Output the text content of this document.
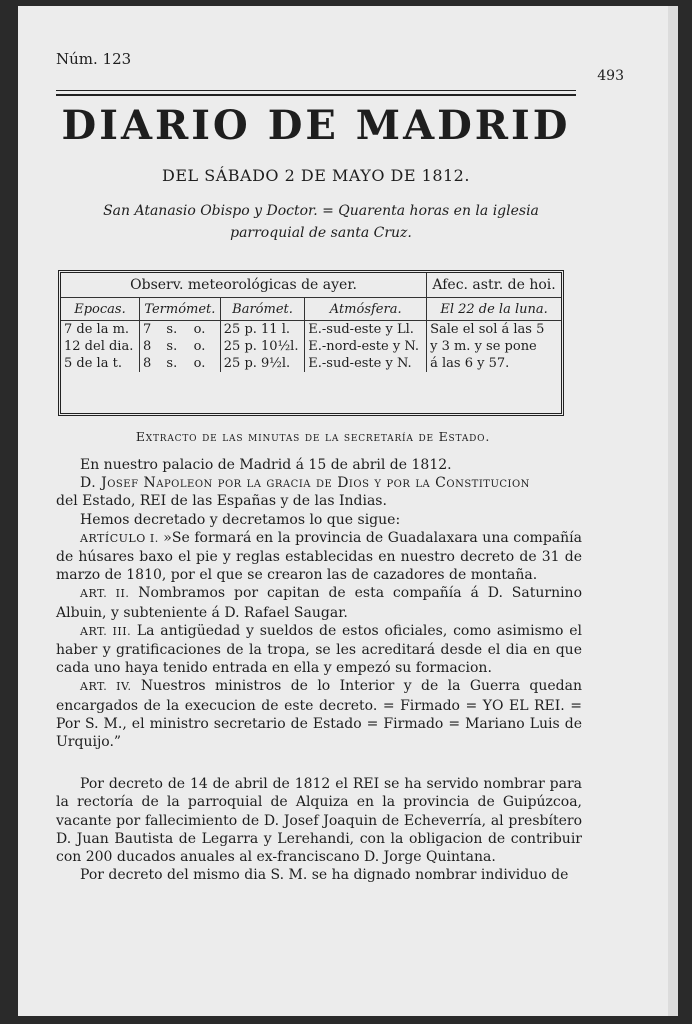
Núm. 123
493
DIARIO DE MADRID
DEL SÁBADO 2 DE MAYO DE 1812.
San Atanasio Obispo y Doctor. = Quarenta horas en la iglesia
parroquial de santa Cruz.
Observ. meteorológicas de ayer.						Afec. astr. de hoi.
Epocas.	Termómet.			Barómet.	Atmósfera.	El 22 de la luna.
7 de la m.	7	s.	o.	25 p. 11 l.	E.-sud-este y Ll.	Sale el sol á las 5
12 del dia.	8	s.	o.	25 p. 10½l.	E.-nord-este y N.	y 3 m. y se pone
5 de la t.	8	s.	o.	25 p. 9½l.	E.-sud-este y N.	á las 6 y 57.
Extracto de las minutas de la secretaría de Estado.

En nuestro palacio de Madrid á 15 de abril de 1812.

D. Josef Napoleon por la gracia de Dios y por la Constitucion

del Estado, REI de las Españas y de las Indias.

Hemos decretado y decretamos lo que sigue:

ARTÍCULO I. »Se formará en la provincia de Guadalaxara una compañía de húsares baxo el pie y reglas establecidas en nuestro decreto de 31 de marzo de 1810, por el que se crearon las de cazadores de montaña.

ART. II. Nombramos por capitan de esta compañía á D. Saturnino Albuin, y subteniente á D. Rafael Saugar.

ART. III. La antigüedad y sueldos de estos oficiales, como asimismo el haber y gratificaciones de la tropa, se les acreditará desde el dia en que cada uno haya tenido entrada en ella y empezó su formacion.

ART. IV. Nuestros ministros de lo Interior y de la Guerra quedan encargados de la execucion de este decreto. = Firmado = YO EL REI. = Por S. M., el ministro secretario de Estado = Firmado = Mariano Luis de Urquijo.”

Por decreto de 14 de abril de 1812 el REI se ha servido nombrar para la rectoría de la parroquial de Alquiza en la provincia de Guipúzcoa, vacante por fallecimiento de D. Josef Joaquin de Echeverría, al presbítero D. Juan Bautista de Legarra y Lerehandi, con la obligacion de contribuir con 200 ducados anuales al ex-franciscano D. Jorge Quintana.

Por decreto del mismo dia S. M. se ha dignado nombrar individuo de
